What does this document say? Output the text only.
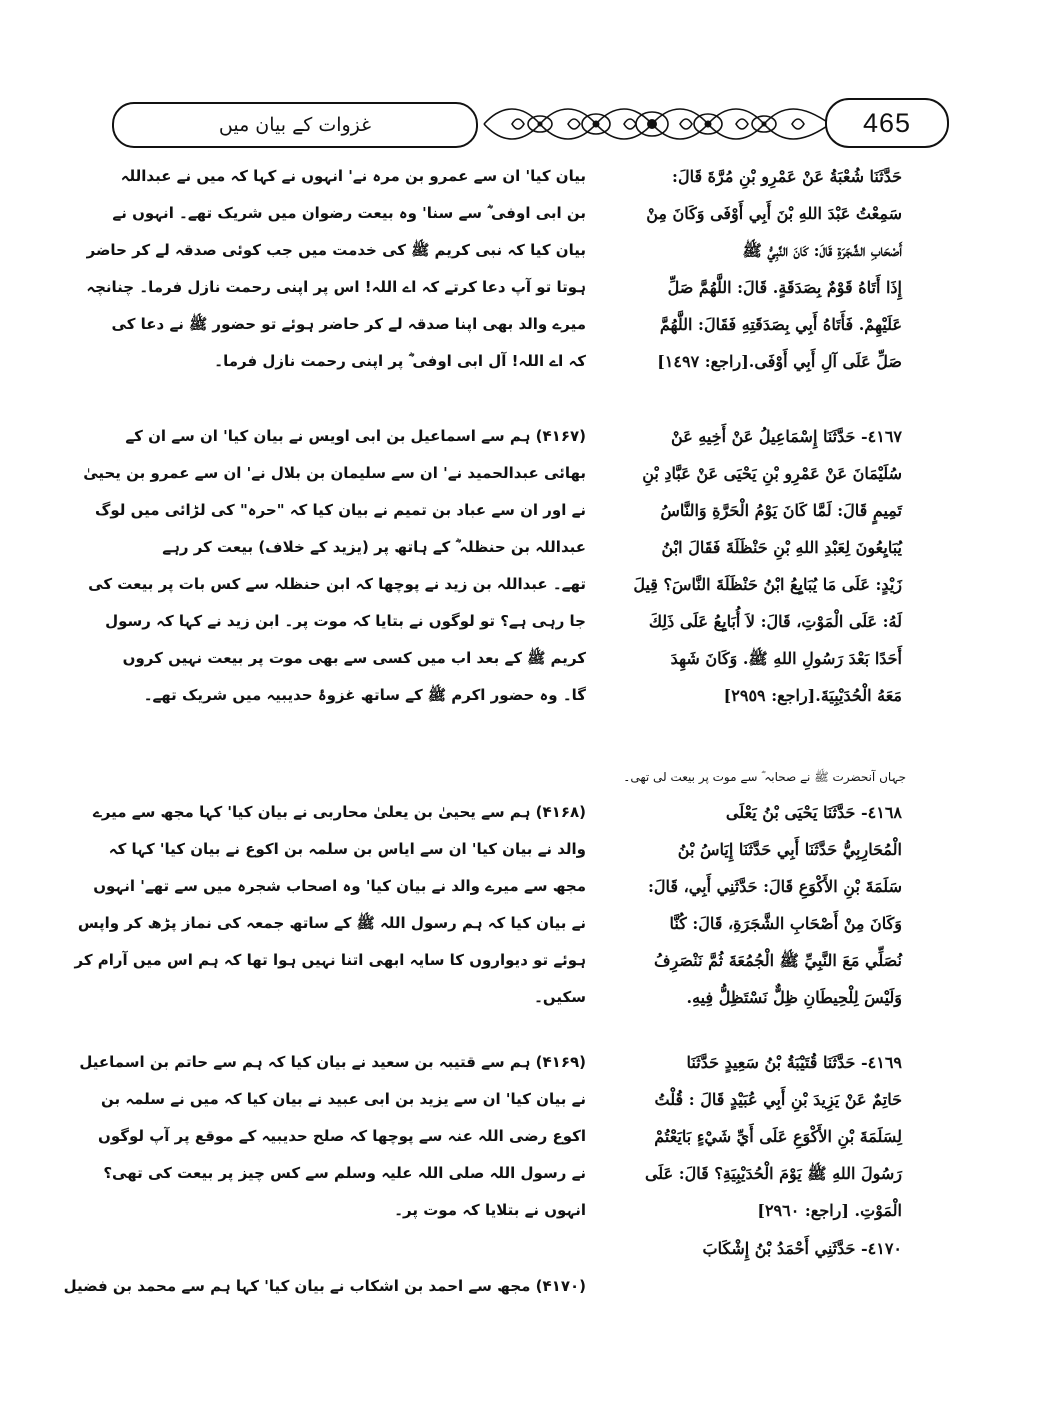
غزوات کے بیان میں	465
حَدَّثَنَا شُعْبَةُ عَنْ عَمْرِو بْنِ مُرَّةَ قَالَ:
سَمِعْتُ عَبْدَ اللهِ بْنَ أَبِي أَوْفَى وَكَانَ مِنْ
أَصْحَابِ الشَّجَرَةِ قَالَ: كَانَ النَّبِيُّ ﷺ
إِذَا أَتَاهُ قَوْمٌ بِصَدَقَةٍ. قَالَ: اللَّهُمَّ صَلِّ
عَلَيْهِمْ. فَأَتَاهُ أَبِي بِصَدَقَتِهِ فَقَالَ: اللَّهُمَّ
صَلِّ عَلَى آلِ أَبِي أَوْفَى.[راجع: ١٤٩٧]
بیان کیا' ان سے عمرو بن مرہ نے' انہوں نے کہا کہ میں نے عبداللہ
بن ابی اوفی ؓ سے سنا' وہ بیعت رضوان میں شریک تھے۔ انہوں نے
بیان کیا کہ نبی کریم ﷺ کی خدمت میں جب کوئی صدقہ لے کر حاضر
ہوتا تو آپ دعا کرتے کہ اے اللہ! اس پر اپنی رحمت نازل فرما۔ چنانچہ
میرے والد بھی اپنا صدقہ لے کر حاضر ہوئے تو حضور ﷺ نے دعا کی
کہ اے اللہ! آل ابی اوفی ؓ پر اپنی رحمت نازل فرما۔
٤١٦٧- حَدَّثَنَا إِسْمَاعِيلُ عَنْ أَخِيهِ عَنْ
سُلَيْمَانَ عَنْ عَمْرِو بْنِ يَحْيَى عَنْ عَبَّادِ بْنِ
تَمِيمٍ قَالَ: لَمَّا كَانَ يَوْمُ الْحَرَّةِ وَالنَّاسُ
يُبَايِعُونَ لِعَبْدِ اللهِ بْنِ حَنْظَلَةَ فَقَالَ ابْنُ
زَيْدٍ: عَلَى مَا يُبَايِعُ ابْنُ حَنْظَلَةَ النَّاسَ؟ قِيلَ
لَهُ: عَلَى الْمَوْتِ، قَالَ: لاَ أُبَايِعُ عَلَى ذَلِكَ
أَحَدًا بَعْدَ رَسُولِ اللهِ ﷺ. وَكَانَ شَهِدَ
مَعَهُ الْحُدَيْبِيَةَ.[راجع: ٢٩٥٩]
(۴۱۶۷) ہم سے اسماعیل بن ابی اویس نے بیان کیا' ان سے ان کے
بھائی عبدالحمید نے' ان سے سلیمان بن بلال نے' ان سے عمرو بن یحییٰ
نے اور ان سے عباد بن تمیم نے بیان کیا کہ "حرہ" کی لڑائی میں لوگ
عبداللہ بن حنظلہ ؓ کے ہاتھ پر (یزید کے خلاف) بیعت کر رہے
تھے۔ عبداللہ بن زید نے پوچھا کہ ابن حنظلہ سے کس بات پر بیعت کی
جا رہی ہے؟ تو لوگوں نے بتایا کہ موت پر۔ ابن زید نے کہا کہ رسول
کریم ﷺ کے بعد اب میں کسی سے بھی موت پر بیعت نہیں کروں
گا۔ وہ حضور اکرم ﷺ کے ساتھ غزوۂ حدیبیہ میں شریک تھے۔
جہاں آنحضرت ﷺ نے صحابہ ؓ سے موت پر بیعت لی تھی۔
٤١٦٨- حَدَّثَنَا يَحْيَى بْنُ يَعْلَى
الْمُحَارِبِيُّ حَدَّثَنَا أَبِي حَدَّثَنَا إِيَاسُ بْنُ
سَلَمَةَ بْنِ الأَكْوَعِ قَالَ: حَدَّثَنِي أَبِي، قَالَ:
وَكَانَ مِنْ أَصْحَابِ الشَّجَرَةِ، قَالَ: كُنَّا
نُصَلِّي مَعَ النَّبِيِّ ﷺ الْجُمُعَةَ ثُمَّ نَنْصَرِفُ
وَلَيْسَ لِلْحِيطَانِ ظِلٌّ نَسْتَظِلُّ فِيهِ.
(۴۱۶۸) ہم سے یحییٰ بن یعلیٰ محاربی نے بیان کیا' کہا مجھ سے میرے
والد نے بیان کیا' ان سے ایاس بن سلمہ بن اکوع نے بیان کیا' کہا کہ
مجھ سے میرے والد نے بیان کیا' وہ اصحاب شجرہ میں سے تھے' انہوں
نے بیان کیا کہ ہم رسول اللہ ﷺ کے ساتھ جمعہ کی نماز پڑھ کر واپس
ہوئے تو دیواروں کا سایہ ابھی اتنا نہیں ہوا تھا کہ ہم اس میں آرام کر
سکیں۔
٤١٦٩- حَدَّثَنَا قُتَيْبَةُ بْنُ سَعِيدٍ حَدَّثَنَا
حَاتِمٌ عَنْ يَزِيدَ بْنِ أَبِي عُبَيْدٍ قَالَ : قُلْتُ
لِسَلَمَةَ بْنِ الأَكْوَعِ عَلَى أَيِّ شَيْءٍ بَايَعْتُمْ
رَسُولَ اللهِ ﷺ يَوْمَ الْحُدَيْبِيَةِ؟ قَالَ: عَلَى
الْمَوْتِ. [راجع: ٢٩٦٠]
(۴۱۶۹) ہم سے قتیبہ بن سعید نے بیان کیا کہ ہم سے حاتم بن اسماعیل
نے بیان کیا' ان سے یزید بن ابی عبید نے بیان کیا کہ میں نے سلمہ بن
اکوع رضی اللہ عنہ سے پوچھا کہ صلح حدیبیہ کے موقع پر آپ لوگوں
نے رسول اللہ صلی اللہ علیہ وسلم سے کس چیز پر بیعت کی تھی؟
انہوں نے بتلایا کہ موت پر۔
٤١٧٠- حَدَّثَنِي أَحْمَدُ بْنُ إِشْكَابَ
(۴۱۷۰) مجھ سے احمد بن اشکاب نے بیان کیا' کہا ہم سے محمد بن فضیل
